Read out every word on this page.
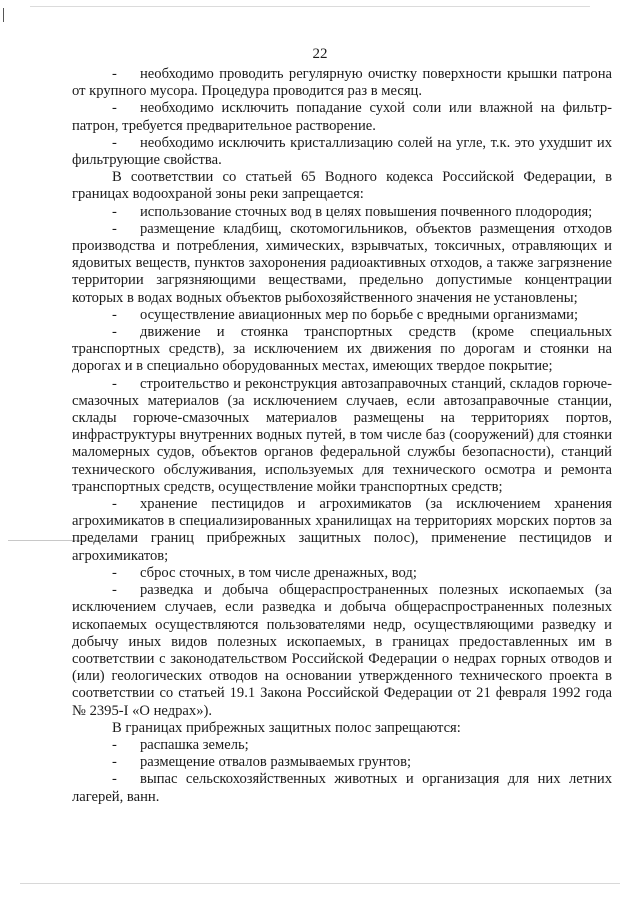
22

- необходимо проводить регулярную очистку поверхности крышки патрона от крупного мусора. Процедура проводится раз в месяц.

- необходимо исключить попадание сухой соли или влажной на фильтр-патрон, требуется предварительное растворение.

- необходимо исключить кристаллизацию солей на угле, т.к. это ухудшит их фильтрующие свойства.

В соответствии со статьей 65 Водного кодекса Российской Федерации, в границах водоохраной зоны реки запрещается:

- использование сточных вод в целях повышения почвенного плодородия;

- размещение кладбищ, скотомогильников, объектов размещения отходов производства и потребления, химических, взрывчатых, токсичных, отравляющих и ядовитых веществ, пунктов захоронения радиоактивных отходов, а также загрязнение территории загрязняющими веществами, предельно допустимые концентрации которых в водах водных объектов рыбохозяйственного значения не установлены;

- осуществление авиационных мер по борьбе с вредными организмами;

- движение и стоянка транспортных средств (кроме специальных транспортных средств), за исключением их движения по дорогам и стоянки на дорогах и в специально оборудованных местах, имеющих твердое покрытие;

- строительство и реконструкция автозаправочных станций, складов горюче-смазочных материалов (за исключением случаев, если автозаправочные станции, склады горюче-смазочных материалов размещены на территориях портов, инфраструктуры внутренних водных путей, в том числе баз (сооружений) для стоянки маломерных судов, объектов органов федеральной службы безопасности), станций технического обслуживания, используемых для технического осмотра и ремонта транспортных средств, осуществление мойки транспортных средств;

- хранение пестицидов и агрохимикатов (за исключением хранения агрохимикатов в специализированных хранилищах на территориях морских портов за пределами границ прибрежных защитных полос), применение пестицидов и агрохимикатов;

- сброс сточных, в том числе дренажных, вод;

- разведка и добыча общераспространенных полезных ископаемых (за исключением случаев, если разведка и добыча общераспространенных полезных ископаемых осуществляются пользователями недр, осуществляющими разведку и добычу иных видов полезных ископаемых, в границах предоставленных им в соответствии с законодательством Российской Федерации о недрах горных отводов и (или) геологических отводов на основании утвержденного технического проекта в соответствии со статьей 19.1 Закона Российской Федерации от 21 февраля 1992 года № 2395-I «О недрах»).

В границах прибрежных защитных полос запрещаются:

- распашка земель;

- размещение отвалов размываемых грунтов;

- выпас сельскохозяйственных животных и организация для них летних лагерей, ванн.
